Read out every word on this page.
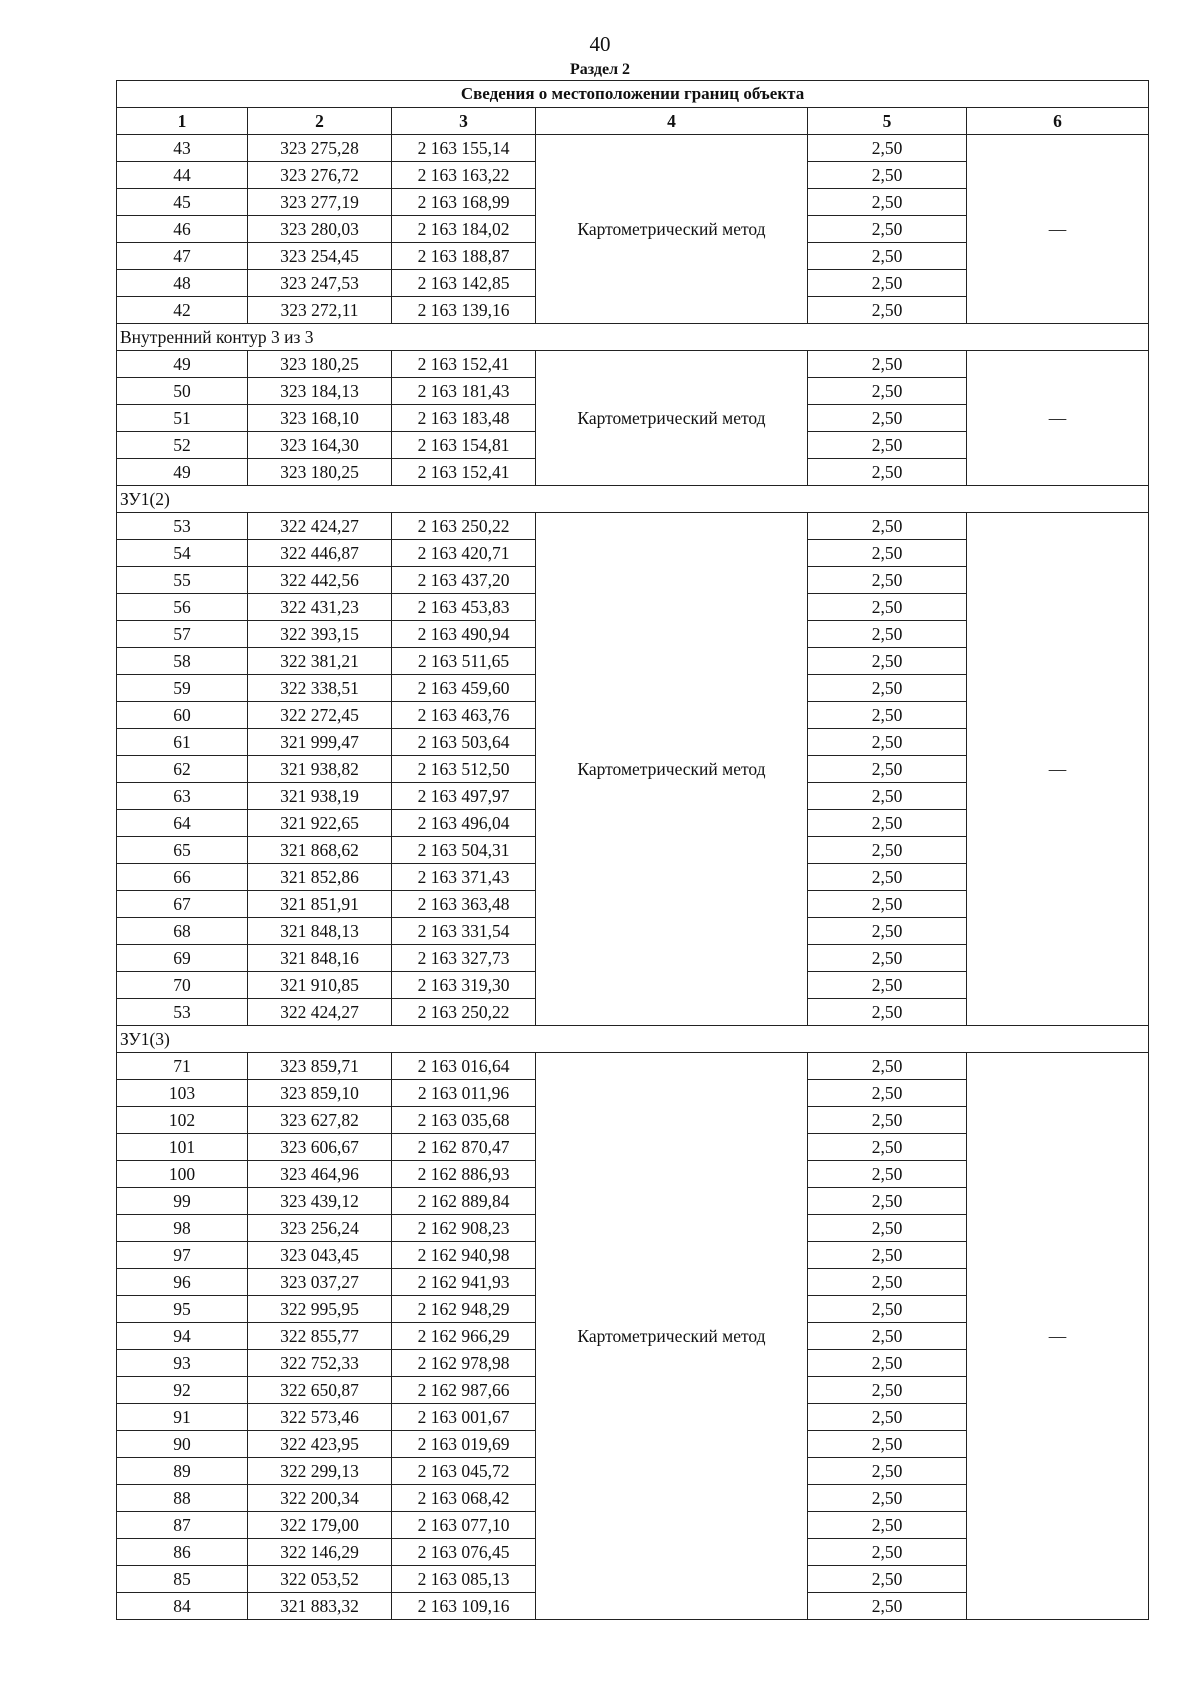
40
Раздел 2
Сведения о местоположении границ объекта					
1	2	3	4	5	6
43	323 275,28	2 163 155,14	Картометрический метод	2,50	—
44	323 276,72	2 163 163,22		2,50	
45	323 277,19	2 163 168,99		2,50	
46	323 280,03	2 163 184,02		2,50	
47	323 254,45	2 163 188,87		2,50	
48	323 247,53	2 163 142,85		2,50	
42	323 272,11	2 163 139,16		2,50	
Внутренний контур 3 из 3					
49	323 180,25	2 163 152,41	Картометрический метод	2,50	—
50	323 184,13	2 163 181,43		2,50	
51	323 168,10	2 163 183,48		2,50	
52	323 164,30	2 163 154,81		2,50	
49	323 180,25	2 163 152,41		2,50	
ЗУ1(2)					
53	322 424,27	2 163 250,22	Картометрический метод	2,50	—
54	322 446,87	2 163 420,71		2,50	
55	322 442,56	2 163 437,20		2,50	
56	322 431,23	2 163 453,83		2,50	
57	322 393,15	2 163 490,94		2,50	
58	322 381,21	2 163 511,65		2,50	
59	322 338,51	2 163 459,60		2,50	
60	322 272,45	2 163 463,76		2,50	
61	321 999,47	2 163 503,64		2,50	
62	321 938,82	2 163 512,50		2,50	
63	321 938,19	2 163 497,97		2,50	
64	321 922,65	2 163 496,04		2,50	
65	321 868,62	2 163 504,31		2,50	
66	321 852,86	2 163 371,43		2,50	
67	321 851,91	2 163 363,48		2,50	
68	321 848,13	2 163 331,54		2,50	
69	321 848,16	2 163 327,73		2,50	
70	321 910,85	2 163 319,30		2,50	
53	322 424,27	2 163 250,22		2,50	
ЗУ1(3)					
71	323 859,71	2 163 016,64	Картометрический метод	2,50	—
103	323 859,10	2 163 011,96		2,50	
102	323 627,82	2 163 035,68		2,50	
101	323 606,67	2 162 870,47		2,50	
100	323 464,96	2 162 886,93		2,50	
99	323 439,12	2 162 889,84		2,50	
98	323 256,24	2 162 908,23		2,50	
97	323 043,45	2 162 940,98		2,50	
96	323 037,27	2 162 941,93		2,50	
95	322 995,95	2 162 948,29		2,50	
94	322 855,77	2 162 966,29		2,50	
93	322 752,33	2 162 978,98		2,50	
92	322 650,87	2 162 987,66		2,50	
91	322 573,46	2 163 001,67		2,50	
90	322 423,95	2 163 019,69		2,50	
89	322 299,13	2 163 045,72		2,50	
88	322 200,34	2 163 068,42		2,50	
87	322 179,00	2 163 077,10		2,50	
86	322 146,29	2 163 076,45		2,50	
85	322 053,52	2 163 085,13		2,50	
84	321 883,32	2 163 109,16		2,50	
